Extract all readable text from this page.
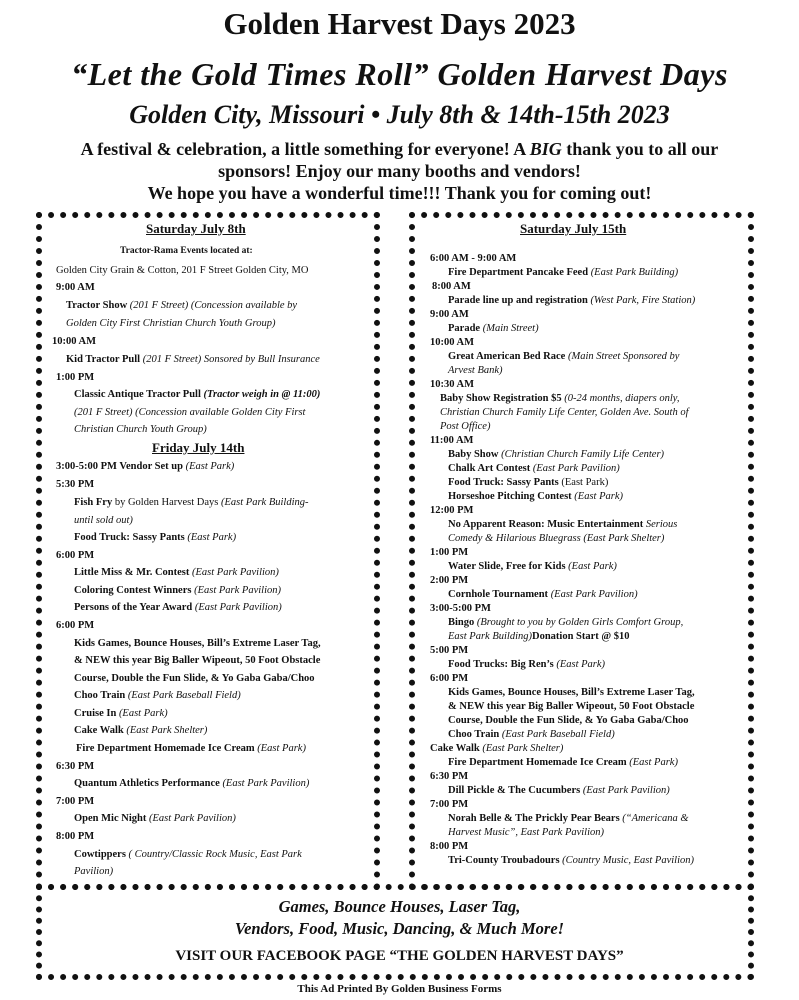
Golden Harvest Days 2023
“Let the Gold Times Roll” Golden Harvest Days
Golden City, Missouri • July 8th & 14th-15th 2023
A festival & celebration, a little something for everyone! A BIG thank you to all our
sponsors! Enjoy our many booths and vendors!
We hope you have a wonderful time!!! Thank you for coming out!
Saturday July 8th
Tractor-Rama Events located at:
Golden City Grain & Cotton, 201 F Street Golden City, MO
9:00 AM
Tractor Show (201 F Street) (Concession available by
Golden City First Christian Church Youth Group)
10:00 AM
Kid Tractor Pull (201 F Street) Sonsored by Bull Insurance
1:00 PM
Classic Antique Tractor Pull (Tractor weigh in @ 11:00)
(201 F Street) (Concession available Golden City First
Christian Church Youth Group)
Friday July 14th
3:00-5:00 PM Vendor Set up (East Park)
5:30 PM
Fish Fry by Golden Harvest Days (East Park Building-
until sold out)
Food Truck: Sassy Pants (East Park)
6:00 PM
Little Miss & Mr. Contest (East Park Pavilion)
Coloring Contest Winners (East Park Pavilion)
Persons of the Year Award (East Park Pavilion)
6:00 PM
Kids Games, Bounce Houses, Bill’s Extreme Laser Tag,
& NEW this year Big Baller Wipeout, 50 Foot Obstacle
Course, Double the Fun Slide, & Yo Gaba Gaba/Choo
Choo Train (East Park Baseball Field)
Cruise In (East Park)
Cake Walk (East Park Shelter)
Fire Department Homemade Ice Cream (East Park)
6:30 PM
Quantum Athletics Performance (East Park Pavilion)
7:00 PM
Open Mic Night (East Park Pavilion)
8:00 PM
Cowtippers ( Country/Classic Rock Music, East Park
Pavilion)
Saturday July 15th
6:00 AM - 9:00 AM
Fire Department Pancake Feed (East Park Building)
8:00 AM
Parade line up and registration (West Park, Fire Station)
9:00 AM
Parade (Main Street)
10:00 AM
Great American Bed Race (Main Street Sponsored by
Arvest Bank)
10:30 AM
Baby Show Registration $5 (0-24 months, diapers only,
Christian Church Family Life Center, Golden Ave. South of
Post Office)
11:00 AM
Baby Show (Christian Church Family Life Center)
Chalk Art Contest (East Park Pavilion)
Food Truck: Sassy Pants (East Park)
Horseshoe Pitching Contest (East Park)
12:00 PM
No Apparent Reason: Music Entertainment Serious
Comedy & Hilarious Bluegrass (East Park Shelter)
1:00 PM
Water Slide, Free for Kids (East Park)
2:00 PM
Cornhole Tournament (East Park Pavilion)
3:00-5:00 PM
Bingo (Brought to you by Golden Girls Comfort Group,
East Park Building)Donation Start @ $10
5:00 PM
Food Trucks: Big Ren’s (East Park)
6:00 PM
Kids Games, Bounce Houses, Bill’s Extreme Laser Tag,
& NEW this year Big Baller Wipeout, 50 Foot Obstacle
Course, Double the Fun Slide, & Yo Gaba Gaba/Choo
Choo Train (East Park Baseball Field)
Cake Walk (East Park Shelter)
Fire Department Homemade Ice Cream (East Park)
6:30 PM
Dill Pickle & The Cucumbers (East Park Pavilion)
7:00 PM
Norah Belle & The Prickly Pear Bears (“Americana &
Harvest Music”, East Park Pavilion)
8:00 PM
Tri-County Troubadours (Country Music, East Pavilion)
Games, Bounce Houses, Laser Tag,
Vendors, Food, Music, Dancing, & Much More!
VISIT OUR FACEBOOK PAGE “THE GOLDEN HARVEST DAYS”
This Ad Printed By Golden Business Forms
